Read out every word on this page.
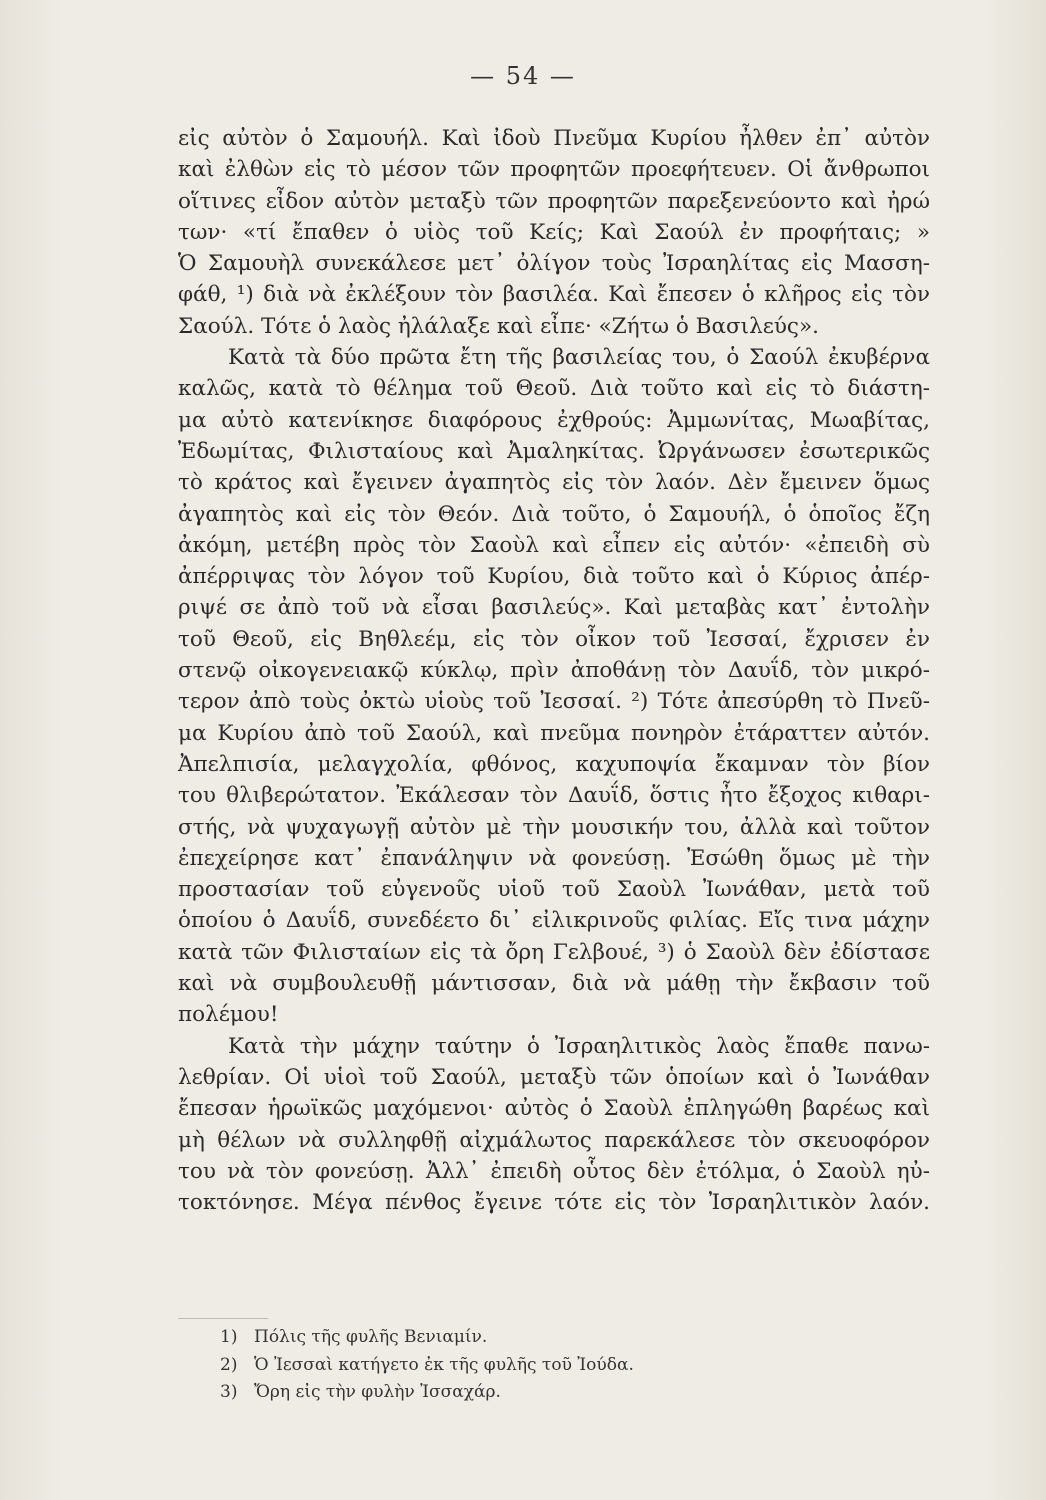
— 54 —
εἰς αὐτὸν ὁ Σαμουήλ. Καὶ ἰδοὺ Πνεῦμα Κυρίου ἦλθεν ἐπ᾽ αὐτὸν
καὶ ἐλθὼν εἰς τὸ μέσον τῶν προφητῶν προεφήτευεν. Οἱ ἄνθρωποι
οἵτινες εἶδον αὐτὸν μεταξὺ τῶν προφητῶν παρεξενεύοντο καὶ ἠρώ
των· «τί ἔπαθεν ὁ υἱὸς τοῦ Κείς; Καὶ Σαούλ ἐν προφήταις; »
Ὁ Σαμουὴλ συνεκάλεσε μετ᾽ ὀλίγον τοὺς Ἰσραηλίτας εἰς Μασση-
φάθ, ¹) διὰ νὰ ἐκλέξουν τὸν βασιλέα. Καὶ ἔπεσεν ὁ κλῆρος εἰς τὸν
Σαούλ. Τότε ὁ λαὸς ἠλάλαξε καὶ εἶπε· «Ζήτω ὁ Βασιλεύς».
Κατὰ τὰ δύο πρῶτα ἔτη τῆς βασιλείας του, ὁ Σαούλ ἐκυβέρνα
καλῶς, κατὰ τὸ θέλημα τοῦ Θεοῦ. Διὰ τοῦτο καὶ εἰς τὸ διάστη-
μα αὐτὸ κατενίκησε διαφόρους ἐχθρούς: Ἀμμωνίτας, Μωαβίτας,
Ἐδωμίτας, Φιλισταίους καὶ Ἀμαληκίτας. Ὠργάνωσεν ἐσωτερικῶς
τὸ κράτος καὶ ἔγεινεν ἀγαπητὸς εἰς τὸν λαόν. Δὲν ἔμεινεν ὅμως
ἀγαπητὸς καὶ εἰς τὸν Θεόν. Διὰ τοῦτο, ὁ Σαμουήλ, ὁ ὁποῖος ἔζη
ἀκόμη, μετέβη πρὸς τὸν Σαοὺλ καὶ εἶπεν εἰς αὐτόν· «ἐπειδὴ σὺ
ἀπέρριψας τὸν λόγον τοῦ Κυρίου, διὰ τοῦτο καὶ ὁ Κύριος ἀπέρ-
ριψέ σε ἀπὸ τοῦ νὰ εἶσαι βασιλεύς». Καὶ μεταβὰς κατ᾽ ἐντολὴν
τοῦ Θεοῦ, εἰς Βηθλεέμ, εἰς τὸν οἶκον τοῦ Ἰεσσαί, ἔχρισεν ἐν
στενῷ οἰκογενειακῷ κύκλῳ, πρὶν ἀποθάνῃ τὸν Δαυΐδ, τὸν μικρό-
τερον ἀπὸ τοὺς ὀκτὼ υἱοὺς τοῦ Ἰεσσαί. ²) Τότε ἀπεσύρθη τὸ Πνεῦ-
μα Κυρίου ἀπὸ τοῦ Σαούλ, καὶ πνεῦμα πονηρὸν ἐτάραττεν αὐτόν.
Ἀπελπισία, μελαγχολία, φθόνος, καχυποψία ἔκαμναν τὸν βίον
του θλιβερώτατον. Ἐκάλεσαν τὸν Δαυΐδ, ὅστις ἦτο ἔξοχος κιθαρι-
στής, νὰ ψυχαγωγῇ αὐτὸν μὲ τὴν μουσικήν του, ἀλλὰ καὶ τοῦτον
ἐπεχείρησε κατ᾽ ἐπανάληψιν νὰ φονεύσῃ. Ἐσώθη ὅμως μὲ τὴν
προστασίαν τοῦ εὐγενοῦς υἱοῦ τοῦ Σαοὺλ Ἰωνάθαν, μετὰ τοῦ
ὁποίου ὁ Δαυΐδ, συνεδέετο δι᾽ εἰλικρινοῦς φιλίας. Εἴς τινα μάχην
κατὰ τῶν Φιλισταίων εἰς τὰ ὄρη Γελβουέ, ³) ὁ Σαοὺλ δὲν ἐδίστασε
καὶ νὰ συμβουλευθῇ μάντισσαν, διὰ νὰ μάθῃ τὴν ἔκβασιν τοῦ
πολέμου!
Κατὰ τὴν μάχην ταύτην ὁ Ἰσραηλιτικὸς λαὸς ἔπαθε πανω-
λεθρίαν. Οἱ υἱοὶ τοῦ Σαούλ, μεταξὺ τῶν ὁποίων καὶ ὁ Ἰωνάθαν
ἔπεσαν ἡρωϊκῶς μαχόμενοι· αὐτὸς ὁ Σαοὺλ ἐπληγώθη βαρέως καὶ
μὴ θέλων νὰ συλληφθῇ αἰχμάλωτος παρεκάλεσε τὸν σκευοφόρον
του νὰ τὸν φονεύσῃ. Ἀλλ᾽ ἐπειδὴ οὗτος δὲν ἐτόλμα, ὁ Σαοὺλ ηὐ-
τοκτόνησε. Μέγα πένθος ἔγεινε τότε εἰς τὸν Ἰσραηλιτικὸν λαόν.
1) Πόλις τῆς φυλῆς Βενιαμίν.
2) Ὁ Ἰεσσαὶ κατήγετο ἐκ τῆς φυλῆς τοῦ Ἰούδα.
3) Ὄρη εἰς τὴν φυλὴν Ἰσσαχάρ.
